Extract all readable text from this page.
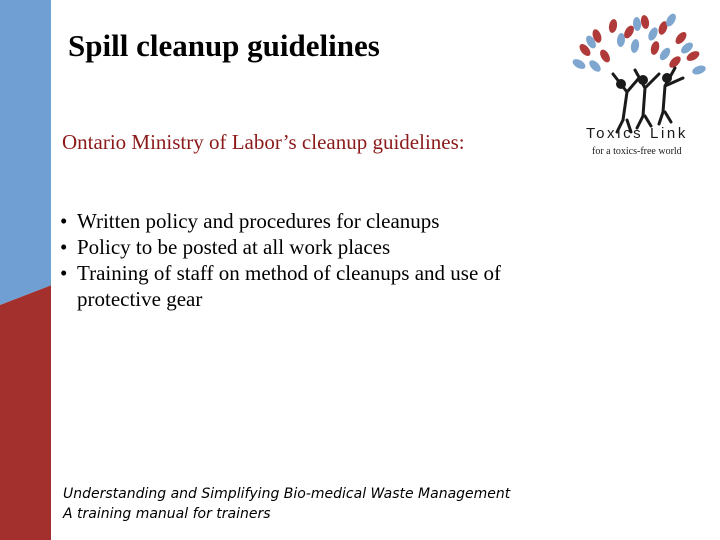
Spill cleanup guidelines
Toxics Link
for a toxics-free world
Ontario Ministry of Labor’s cleanup guidelines:
• Written policy and procedures for cleanups
• Policy to be posted at all work places
• Training of staff on method of cleanups and use of protective gear
Understanding and Simplifying Bio-medical Waste Management
A training manual for trainers
